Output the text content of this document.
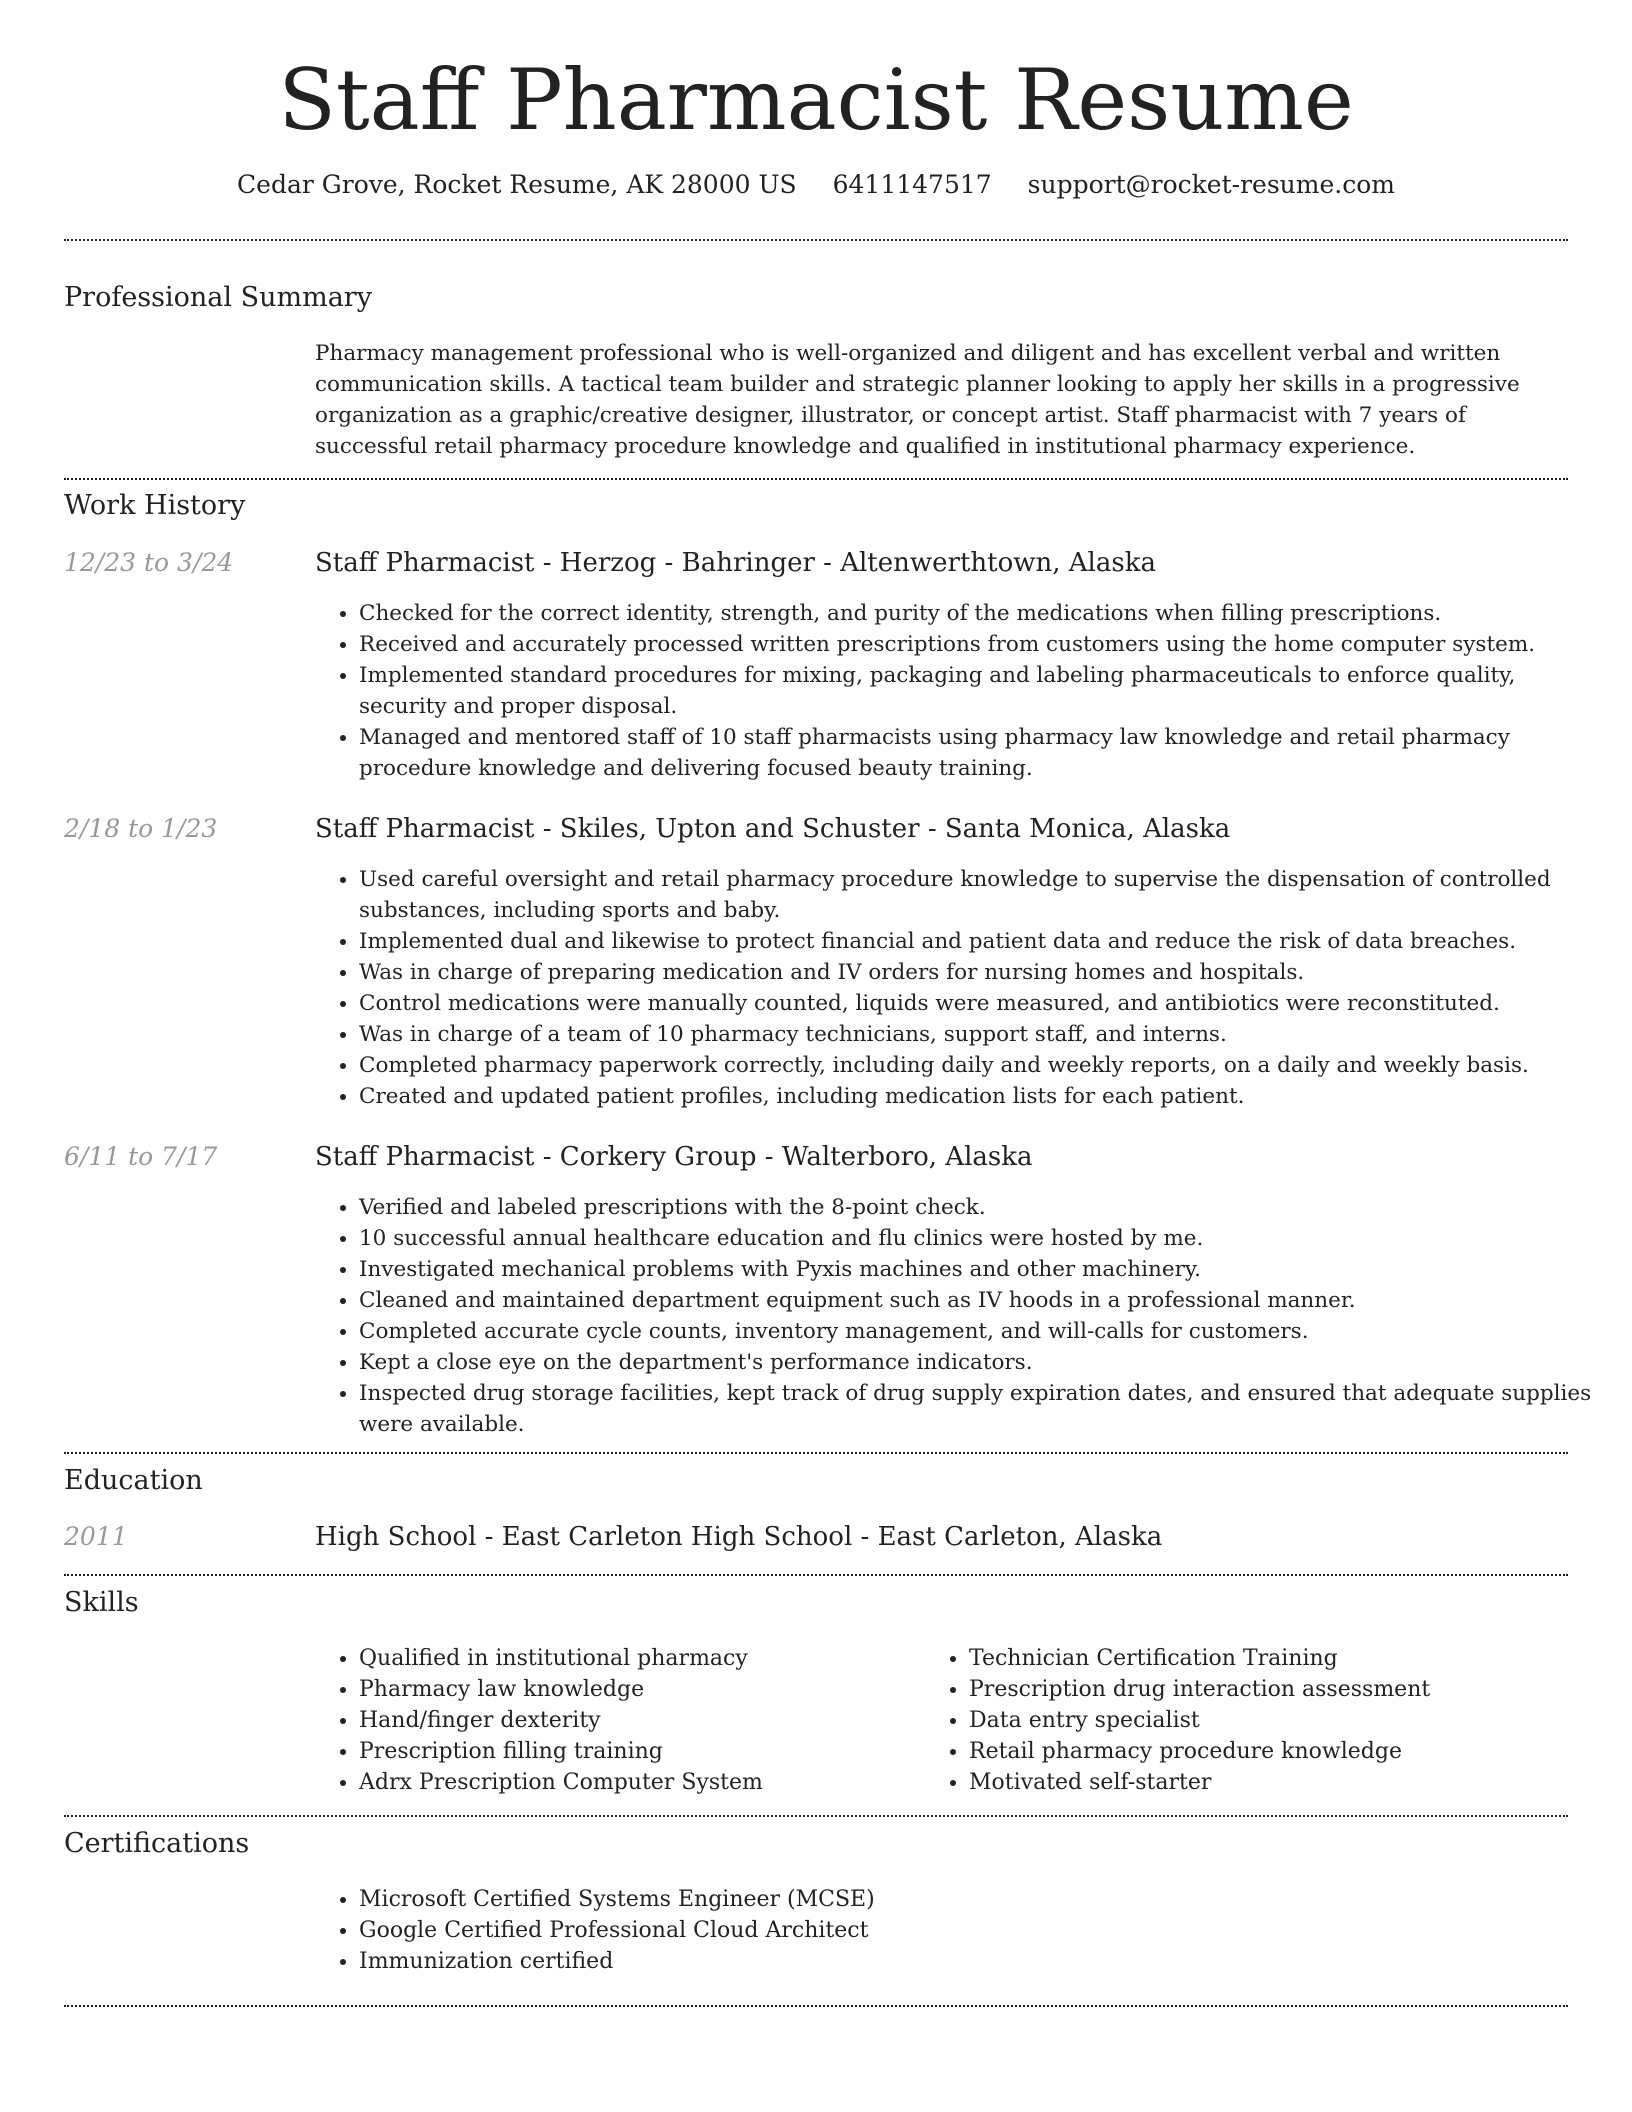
Staff Pharmacist Resume
Cedar Grove, Rocket Resume, AK 28000 US 6411147517 support@rocket-resume.com
Professional Summary

Pharmacy management professional who is well-organized and diligent and has excellent verbal and written communication skills. A tactical team builder and strategic planner looking to apply her skills in a progressive organization as a graphic/creative designer, illustrator, or concept artist. Staff pharmacist with 7 years of successful retail pharmacy procedure knowledge and qualified in institutional pharmacy experience.

Work History
12/23 to 3/24	Staff Pharmacist - Herzog - Bahringer - Altenwerthtown, Alaska
• Checked for the correct identity, strength, and purity of the medications when filling prescriptions.
• Received and accurately processed written prescriptions from customers using the home computer system.
• Implemented standard procedures for mixing, packaging and labeling pharmaceuticals to enforce quality, security and proper disposal.
• Managed and mentored staff of 10 staff pharmacists using pharmacy law knowledge and retail pharmacy procedure knowledge and delivering focused beauty training.
2/18 to 1/23	Staff Pharmacist - Skiles, Upton and Schuster - Santa Monica, Alaska
• Used careful oversight and retail pharmacy procedure knowledge to supervise the dispensation of controlled substances, including sports and baby.
• Implemented dual and likewise to protect financial and patient data and reduce the risk of data breaches.
• Was in charge of preparing medication and IV orders for nursing homes and hospitals.
• Control medications were manually counted, liquids were measured, and antibiotics were reconstituted.
• Was in charge of a team of 10 pharmacy technicians, support staff, and interns.
• Completed pharmacy paperwork correctly, including daily and weekly reports, on a daily and weekly basis.
• Created and updated patient profiles, including medication lists for each patient.
6/11 to 7/17	Staff Pharmacist - Corkery Group - Walterboro, Alaska
• Verified and labeled prescriptions with the 8-point check.
• 10 successful annual healthcare education and flu clinics were hosted by me.
• Investigated mechanical problems with Pyxis machines and other machinery.
• Cleaned and maintained department equipment such as IV hoods in a professional manner.
• Completed accurate cycle counts, inventory management, and will-calls for customers.
• Kept a close eye on the department's performance indicators.
• Inspected drug storage facilities, kept track of drug supply expiration dates, and ensured that adequate supplies were available.
Education
2011	High School - East Carleton High School - East Carleton, Alaska
Skills
• Qualified in institutional pharmacy
• Pharmacy law knowledge
• Hand/finger dexterity
• Prescription filling training
• Adrx Prescription Computer System
• Technician Certification Training
• Prescription drug interaction assessment
• Data entry specialist
• Retail pharmacy procedure knowledge
• Motivated self-starter
Certifications
• Microsoft Certified Systems Engineer (MCSE)
• Google Certified Professional Cloud Architect
• Immunization certified
